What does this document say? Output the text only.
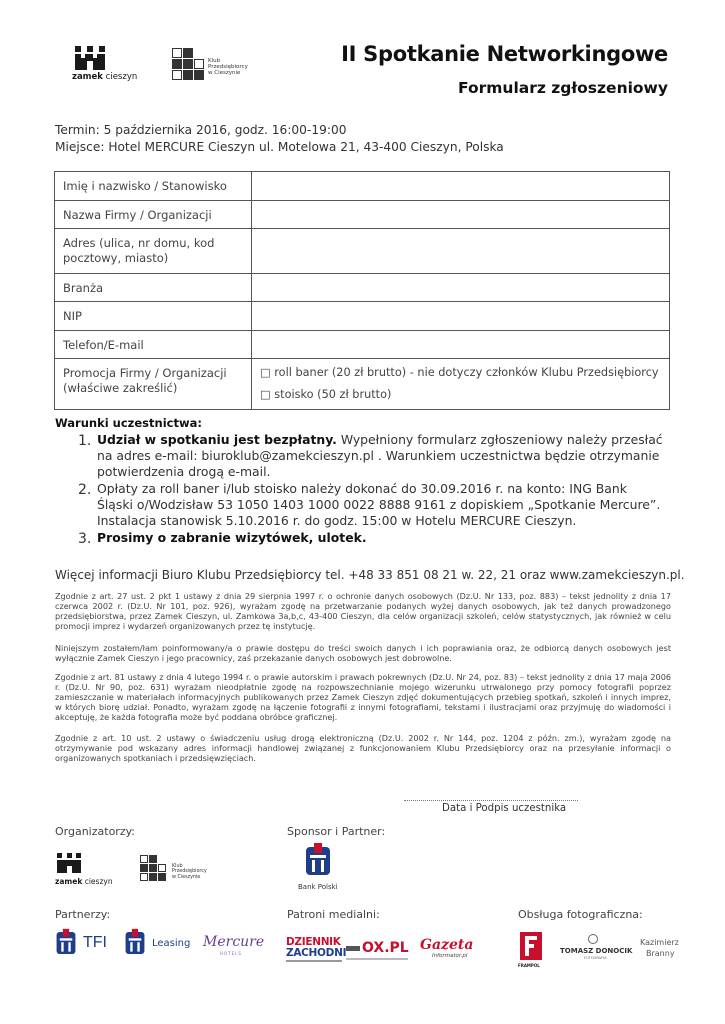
zamek cieszyn
Klub
Przedsiębiorcy
w Cieszynie
II Spotkanie Networkingowe
Formularz zgłoszeniowy
Termin: 5 października 2016, godz. 16:00-19:00
Miejsce: Hotel MERCURE Cieszyn ul. Motelowa 21, 43-400 Cieszyn, Polska
Imię i nazwisko / Stanowisko	
Nazwa Firmy / Organizacji	
Adres (ulica, nr domu, kod pocztowy, miasto)	
Branża	
NIP	
Telefon/E-mail	
Promocja Firmy / Organizacji (właściwe zakreślić)	□ roll baner (20 zł brutto) - nie dotyczy członków Klubu Przedsiębiorcy
□ stoisko (50 zł brutto)
Warunki uczestnictwa:
1. Udział w spotkaniu jest bezpłatny. Wypełniony formularz zgłoszeniowy należy przesłać na adres e-mail: biuroklub@zamekcieszyn.pl . Warunkiem uczestnictwa będzie otrzymanie potwierdzenia drogą e-mail.
2. Opłaty za roll baner i/lub stoisko należy dokonać do 30.09.2016 r. na konto: ING Bank Śląski o/Wodzisław 53 1050 1403 1000 0022 8888 9161 z dopiskiem „Spotkanie Mercure”. Instalacja stanowisk 5.10.2016 r. do godz. 15:00 w Hotelu MERCURE Cieszyn.
3. Prosimy o zabranie wizytówek, ulotek.
Więcej informacji Biuro Klubu Przedsiębiorcy tel. +48 33 851 08 21 w. 22, 21 oraz www.zamekcieszyn.pl.

Zgodnie z art. 27 ust. 2 pkt 1 ustawy z dnia 29 sierpnia 1997 r. o ochronie danych osobowych (Dz.U. Nr 133, poz. 883) – tekst jednolity z dnia 17 czerwca 2002 r. (Dz.U. Nr 101, poz. 926), wyrażam zgodę na przetwarzanie podanych wyżej danych osobowych, jak też danych prowadzonego przedsiębiorstwa, przez Zamek Cieszyn, ul. Zamkowa 3a,b,c, 43-400 Cieszyn, dla celów organizacji szkoleń, celów statystycznych, jak również w celu promocji imprez i wydarzeń organizowanych przez tę instytucję.

Niniejszym zostałem/łam poinformowany/a o prawie dostępu do treści swoich danych i ich poprawiania oraz, że odbiorcą danych osobowych jest wyłącznie Zamek Cieszyn i jego pracownicy, zaś przekazanie danych osobowych jest dobrowolne.

Zgodnie z art. 81 ustawy z dnia 4 lutego 1994 r. o prawie autorskim i prawach pokrewnych (Dz.U. Nr 24, poz. 83) – tekst jednolity z dnia 17 maja 2006 r. (Dz.U. Nr 90, poz. 631) wyrażam nieodpłatnie zgodę na rozpowszechnianie mojego wizerunku utrwalonego przy pomocy fotografii poprzez zamieszczanie w materiałach informacyjnych publikowanych przez Zamek Cieszyn zdjęć dokumentujących przebieg spotkań, szkoleń i innych imprez, w których biorę udział. Ponadto, wyrażam zgodę na łączenie fotografii z innymi fotografiami, tekstami i ilustracjami oraz przyjmuję do wiadomości i akceptuję, że każda fotografia może być poddana obróbce graficznej.

Zgodnie z art. 10 ust. 2 ustawy o świadczeniu usług drogą elektroniczną (Dz.U. 2002 r. Nr 144, poz. 1204 z późn. zm.), wyrażam zgodę na otrzymywanie pod wskazany adres informacji handlowej związanej z funkcjonowaniem Klubu Przedsiębiorcy oraz na przesyłanie informacji o organizowanych spotkaniach i przedsięwzięciach.

Data i Podpis uczestnika
Organizatorzy:
zamek cieszyn
Klub
Przedsiębiorcy
w Cieszynie
Sponsor i Partner:
Bank Polski
Partnerzy:
TFI	Leasing Mercure
HOTELS
Patroni medialni:
DZIENNIK
ZACHODNI OX.PL Gazeta
Informator.pl
Obsługa fotograficzna:
FRAMPOL
TOMASZ DONOCIK
FOTOGRAFIA
Kazimierz
Branny
